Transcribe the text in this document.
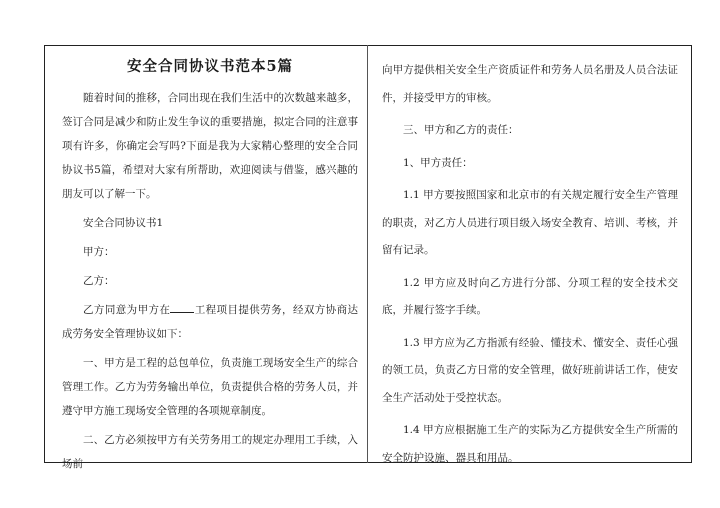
安全合同协议书范本5篇

随着时间的推移，合同出现在我们生活中的次数越来越多，签订合同是减少和防止发生争议的重要措施，拟定合同的注意事项有许多，你确定会写吗?下面是我为大家精心整理的安全合同协议书5篇，希望对大家有所帮助，欢迎阅读与借鉴，感兴趣的朋友可以了解一下。

安全合同协议书1

甲方：

乙方：

乙方同意为甲方在 工程项目提供劳务，经双方协商达成劳务安全管理协议如下：

一、甲方是工程的总包单位，负责施工现场安全生产的综合管理工作。乙方为劳务输出单位，负责提供合格的劳务人员，并遵守甲方施工现场安全管理的各项规章制度。

二、乙方必须按甲方有关劳务用工的规定办理用工手续，入场前

向甲方提供相关安全生产资质证件和劳务人员名册及人员合法证件，并接受甲方的审核。

三、甲方和乙方的责任：

1、甲方责任：

1.1 甲方要按照国家和北京市的有关规定履行安全生产管理的职责，对乙方人员进行项目级入场安全教育、培训、考核，并留有记录。

1.2 甲方应及时向乙方进行分部、分项工程的安全技术交底，并履行签字手续。

1.3 甲方应为乙方指派有经验、懂技术、懂安全、责任心强的领工员，负责乙方日常的安全管理，做好班前讲话工作，使安全生产活动处于受控状态。

1.4 甲方应根据施工生产的实际为乙方提供安全生产所需的安全防护设施、器具和用品。
